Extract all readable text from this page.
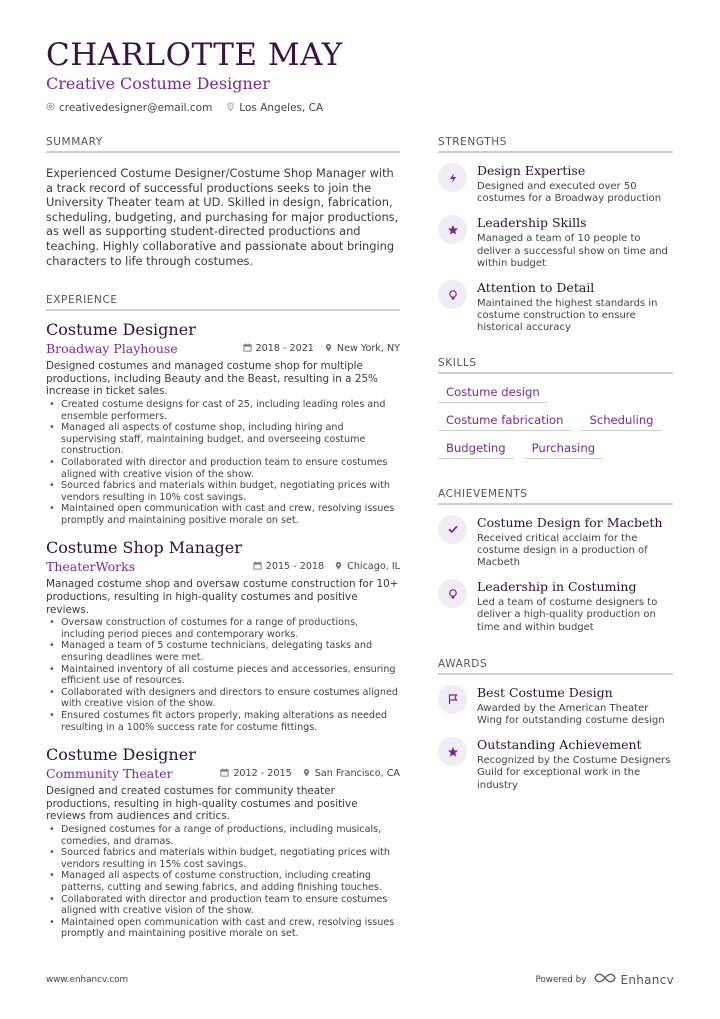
CHARLOTTE MAY
Creative Costume Designer
creativedesigner@email.com	Los Angeles, CA
SUMMARY
Experienced Costume Designer/Costume Shop Manager with a track record of successful productions seeks to join the University Theater team at UD. Skilled in design, fabrication, scheduling, budgeting, and purchasing for major productions, as well as supporting student-directed productions and teaching. Highly collaborative and passionate about bringing characters to life through costumes.
EXPERIENCE
Costume Designer
Broadway Playhouse	2018 - 2021 New York, NY
Designed costumes and managed costume shop for multiple productions, including Beauty and the Beast, resulting in a 25% increase in ticket sales.
• Created costume designs for cast of 25, including leading roles and ensemble performers.
• Managed all aspects of costume shop, including hiring and supervising staff, maintaining budget, and overseeing costume construction.
• Collaborated with director and production team to ensure costumes aligned with creative vision of the show.
• Sourced fabrics and materials within budget, negotiating prices with vendors resulting in 10% cost savings.
• Maintained open communication with cast and crew, resolving issues promptly and maintaining positive morale on set.
Costume Shop Manager
TheaterWorks	2015 - 2018 Chicago, IL
Managed costume shop and oversaw costume construction for 10+ productions, resulting in high-quality costumes and positive reviews.
• Oversaw construction of costumes for a range of productions, including period pieces and contemporary works.
• Managed a team of 5 costume technicians, delegating tasks and ensuring deadlines were met.
• Maintained inventory of all costume pieces and accessories, ensuring efficient use of resources.
• Collaborated with designers and directors to ensure costumes aligned with creative vision of the show.
• Ensured costumes fit actors properly, making alterations as needed resulting in a 100% success rate for costume fittings.
Costume Designer
Community Theater	2012 - 2015 San Francisco, CA
Designed and created costumes for community theater productions, resulting in high-quality costumes and positive reviews from audiences and critics.
• Designed costumes for a range of productions, including musicals, comedies, and dramas.
• Sourced fabrics and materials within budget, negotiating prices with vendors resulting in 15% cost savings.
• Managed all aspects of costume construction, including creating patterns, cutting and sewing fabrics, and adding finishing touches.
• Collaborated with director and production team to ensure costumes aligned with creative vision of the show.
• Maintained open communication with cast and crew, resolving issues promptly and maintaining positive morale on set.
STRENGTHS
Design Expertise
Designed and executed over 50 costumes for a Broadway production
Leadership Skills
Managed a team of 10 people to deliver a successful show on time and within budget
Attention to Detail
Maintained the highest standards in costume construction to ensure historical accuracy
SKILLS
Costume design
Costume fabrication	Scheduling
Budgeting	Purchasing
ACHIEVEMENTS
Costume Design for Macbeth
Received critical acclaim for the costume design in a production of Macbeth
Leadership in Costuming
Led a team of costume designers to deliver a high-quality production on time and within budget
AWARDS
Best Costume Design
Awarded by the American Theater Wing for outstanding costume design
Outstanding Achievement
Recognized by the Costume Designers Guild for exceptional work in the industry
www.enhancv.com	Powered by	Enhancv
